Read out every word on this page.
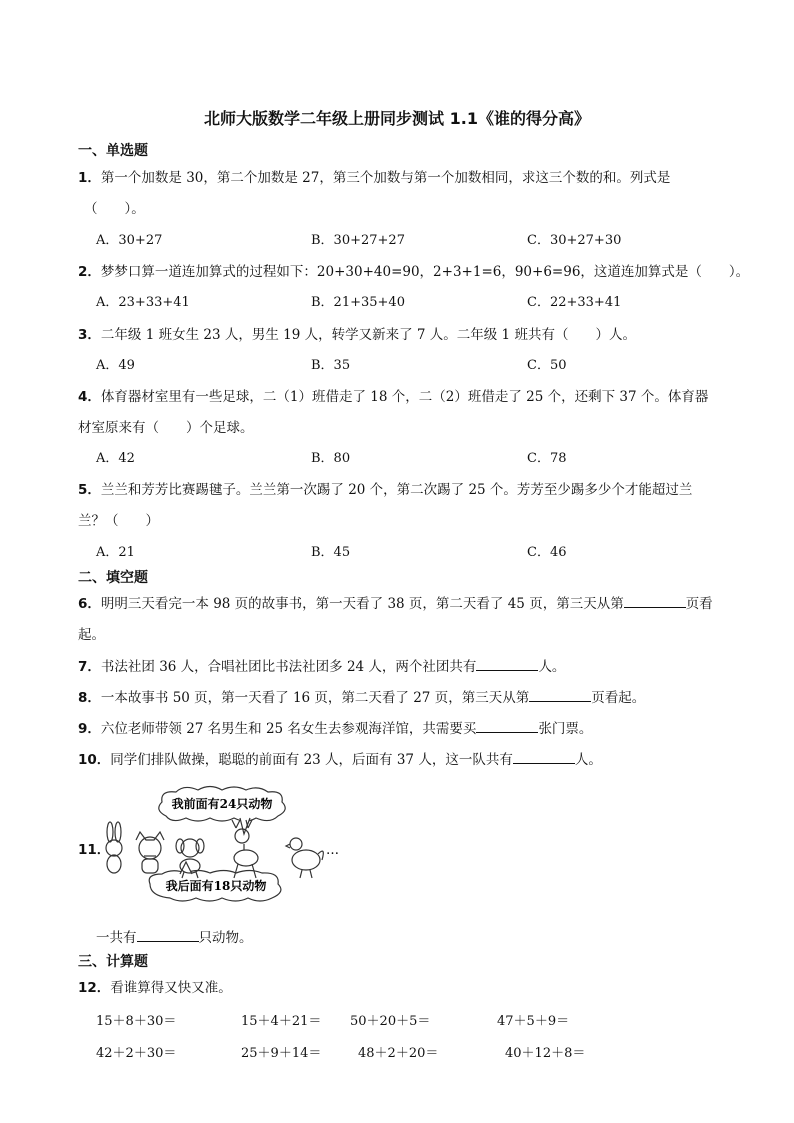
北师大版数学二年级上册同步测试 1.1《谁的得分高》
一、单选题
1．第一个加数是 30，第二个加数是 27，第三个加数与第一个加数相同，求这三个数的和。列式是
（　　）。
A．30+27	B．30+27+27	C．30+27+30
2．梦梦口算一道连加算式的过程如下：20+30+40=90，2+3+1=6，90+6=96，这道连加算式是（　　）。
A．23+33+41	B．21+35+40	C．22+33+41
3．二年级 1 班女生 23 人，男生 19 人，转学又新来了 7 人。二年级 1 班共有（　　）人。
A．49	B．35	C．50
4．体育器材室里有一些足球，二（1）班借走了 18 个，二（2）班借走了 25 个，还剩下 37 个。体育器
材室原来有（　　）个足球。
A．42	B．80	C．78
5．兰兰和芳芳比赛踢毽子。兰兰第一次踢了 20 个，第二次踢了 25 个。芳芳至少踢多少个才能超过兰
兰？（　　）
A．21	B．45	C．46
二、填空题
6．明明三天看完一本 98 页的故事书，第一天看了 38 页，第二天看了 45 页，第三天从第	页看
起。
7．书法社团 36 人，合唱社团比书法社团多 24 人，两个社团共有	人。
8．一本故事书 50 页，第一天看了 16 页，第二天看了 27 页，第三天从第	页看起。
9．六位老师带领 27 名男生和 25 名女生去参观海洋馆，共需要买	张门票。
10．同学们排队做操，聪聪的前面有 23 人，后面有 37 人，这一队共有	人。
11．
我前面有24只动物
我后面有18只动物
…
一共有	只动物。
三、计算题
12．看谁算得又快又准。
15＋8＋30＝	15＋4＋21＝ 50＋20＋5＝	47＋5＋9＝
42＋2＋30＝	25＋9＋14＝	48＋2＋20＝	40＋12＋8＝
